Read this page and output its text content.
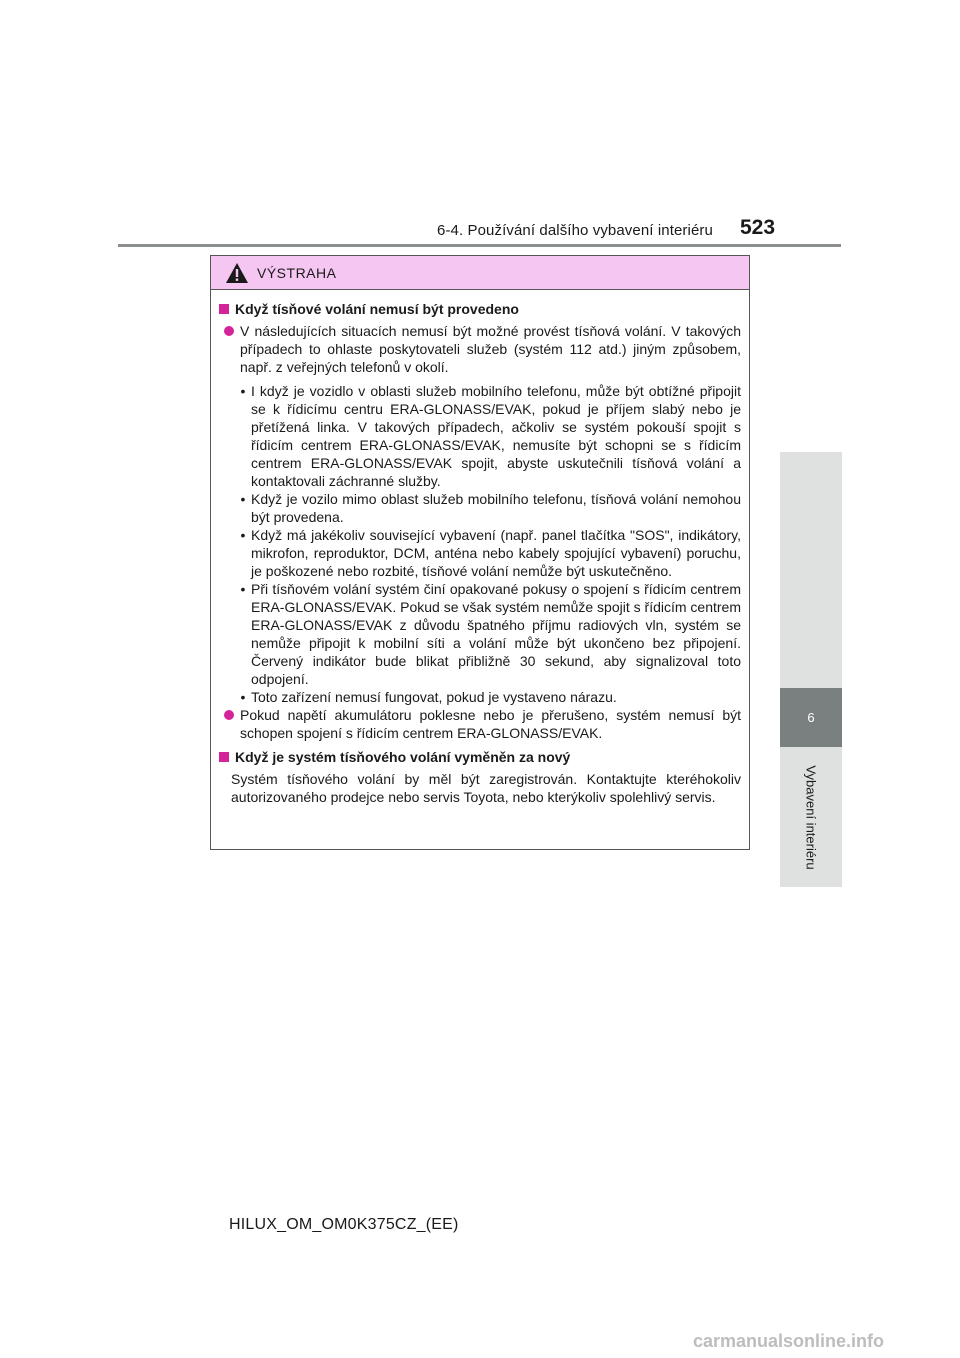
6-4. Používání dalšího vybavení interiéru 523
6
Vybavení interiéru
VÝSTRAHA
Když tísňové volání nemusí být provedeno
V následujících situacích nemusí být možné provést tísňová volání. V takových případech to ohlaste poskytovateli služeb (systém 112 atd.) jiným způsobem, např. z veřejných telefonů v okolí.
• I když je vozidlo v oblasti služeb mobilního telefonu, může být obtížné připojit se k řídicímu centru ERA-GLONASS/EVAK, pokud je příjem slabý nebo je přetížená linka. V takových případech, ačkoliv se systém pokouší spojit s řídicím centrem ERA-GLONASS/EVAK, nemusíte být schopni se s řídicím centrem ERA-GLONASS/EVAK spojit, abyste uskutečnili tísňová volání a kontaktovali záchranné služby.
• Když je vozilo mimo oblast služeb mobilního telefonu, tísňová volání nemohou být provedena.
• Když má jakékoliv související vybavení (např. panel tlačítka "SOS", indikátory, mikrofon, reproduktor, DCM, anténa nebo kabely spojující vybavení) poruchu, je poškozené nebo rozbité, tísňové volání nemůže být uskutečněno.
• Při tísňovém volání systém činí opakované pokusy o spojení s řídicím centrem ERA-GLONASS/EVAK. Pokud se však systém nemůže spojit s řídicím centrem ERA-GLONASS/EVAK z důvodu špatného příjmu radiových vln, systém se nemůže připojit k mobilní síti a volání může být ukončeno bez připojení. Červený indikátor bude blikat přibližně 30 sekund, aby signalizoval toto odpojení.
• Toto zařízení nemusí fungovat, pokud je vystaveno nárazu.
Pokud napětí akumulátoru poklesne nebo je přerušeno, systém nemusí být schopen spojení s řídicím centrem ERA-GLONASS/EVAK.
Když je systém tísňového volání vyměněn za nový
Systém tísňového volání by měl být zaregistrován. Kontaktujte kteréhokoliv autorizovaného prodejce nebo servis Toyota, nebo kterýkoliv spolehlivý servis.
HILUX_OM_OM0K375CZ_(EE)
carmanualsonline.info
